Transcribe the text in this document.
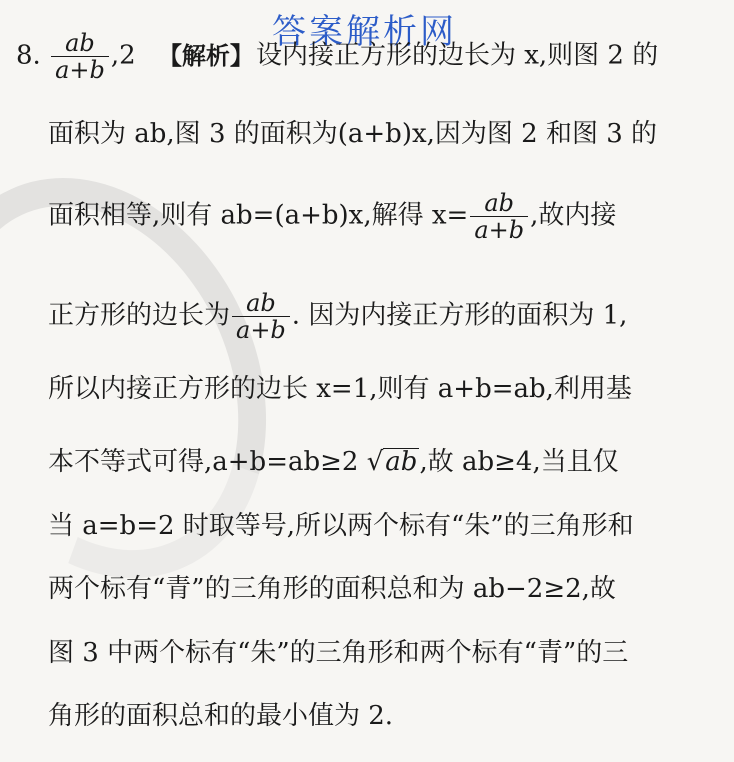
答案解析网
8. $\frac{ab}{a+b} ,2$ 【解析】设内接正方形的边长为 x,则图 2 的
面积为 ab,图 3 的面积为(a+b)x,因为图 2 和图 3 的
面积相等,则有 ab=(a+b)x,解得 $x= \frac{ab}{a+b}$ ,故内接
正方形的边长为 $\frac{ab}{a+b}$ . 因为内接正方形的面积为 1,
所以内接正方形的边长 x=1,则有 a+b=ab,利用基
本不等式可得,a+b=ab≥2 √ab,故 ab≥4,当且仅
当 a=b=2 时取等号,所以两个标有“朱”的三角形和
两个标有“青”的三角形的面积总和为 ab−2≥2,故
图 3 中两个标有“朱”的三角形和两个标有“青”的三
角形的面积总和的最小值为 2.
